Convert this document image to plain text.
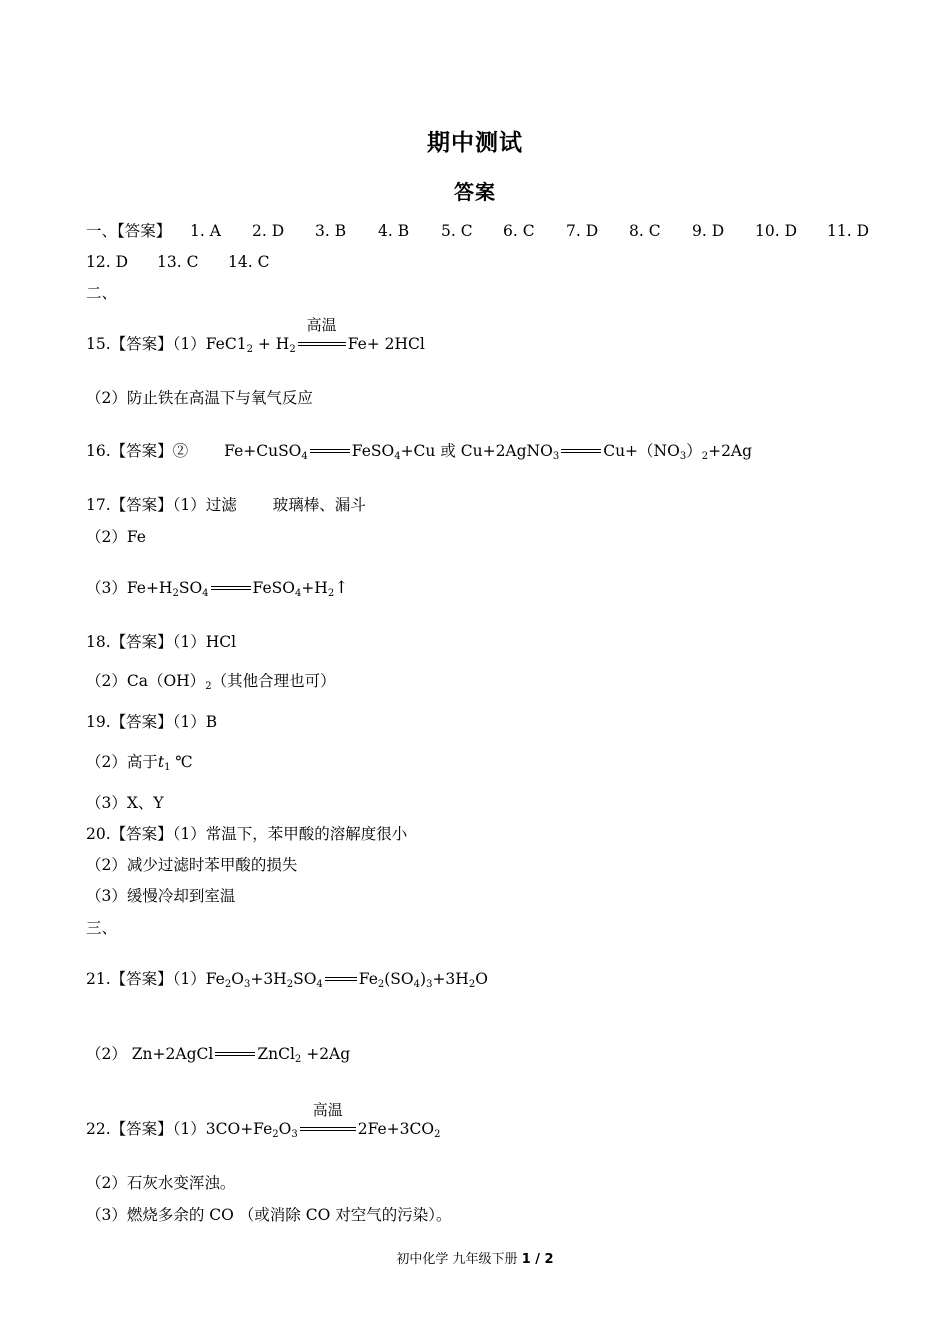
期中测试
答案
一、【答案】 1. A 2. D 3. B 4. B 5. C 6. C 7. D 8. C 9. D 10. D 11. D
12. D 13. C 14. C
二、
15.【答案】$(1)FeC1_2 + H_2$
高温
Fe+ 2HCl
（2）防止铁在高温下与氧气反应
16.【答案】② Fe+CuSO$_4$	FeSO$_4$+Cu 或 Cu+2AgNO$_3$	$Cu+(NO_3)_2+2Ag$
17.【答案】（1）过滤 玻璃棒、漏斗
（2）Fe
$(3)Fe+H_2SO_4$	$FeSO_4+H_2↑$
18.【答案】（1）HCl
$(2)Ca(OH)_2$（其他合理也可）
19.【答案】（1）B
（2）高于$t_1$ ℃
（3）X、Y
20.【答案】（1）常温下，苯甲酸的溶解度很小
（2）减少过滤时苯甲酸的损失
（3）缓慢冷却到室温
三、
21.【答案】$(1)Fe_2O_3+3H_2SO_4$ $Fe_2(SO_4)_3+3H_2O$
（2） Zn+2AgCl	ZnCl$_2$ +2Ag
22.【答案】$(1)3CO+Fe_2O_3$
高温
$2Fe+3CO_2$
（2）石灰水变浑浊。
（3）燃烧多余的 CO （或消除 CO 对空气的污染）。
初中化学 九年级下册 1 / 2
